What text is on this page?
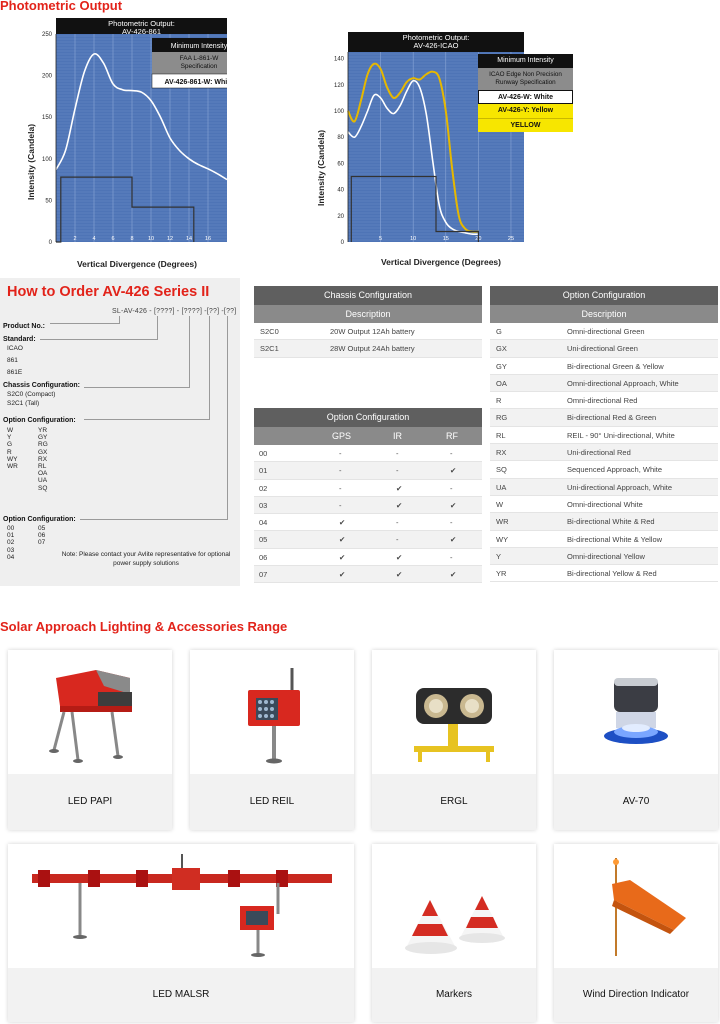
Photometric Output
Intensity (Candela)
Vertical Divergence (Degrees)
Photometric Output:
AV-426-861
0
50
100
150
200
250
2	4	6	8	10 12 14 16
Minimum Intensity
FAA L-861-W Specification
AV-426-861-W: White
Intensity (Candela)
Vertical Divergence (Degrees)
Photometric Output:
AV-426-ICAO
0
20
40
60
80
100
120
140
5	10	15	20	25
How to Order AV-426 Series II
SL-AV-426 - [????] - [????] -[??] -[??]
Product No.:
Standard:
ICAO
861
861E
Chassis Configuration:
S2C0 (Compact)
S2C1 (Tall)
Option Configuration:
W
Y
G
R
WY
WR
YR
GY
RG
GX
RX
RL
OA
UA
SQ
Option Configuration:
00
01
02
03
04
05
06
07
Note: Please contact your Avlite representative for optional power supply solutions
Chassis Configuration
Description
S2C0	20W Output 12Ah battery
S2C1	28W Output 24Ah battery
Option Configuration
GPS	IR	RF
00	-	-	-
01	-	-	✔
02	-	✔	-
03	-	✔	✔
04	✔	-	-
05	✔	-	✔
06	✔	✔	-
07	✔	✔	✔
Option Configuration
Description
G	Omni-directional Green
GX	Uni-directional Green
GY	Bi-directional Green & Yellow
OA	Omni-directional Approach, White
R	Omni-directional Red
RG	Bi-directional Red & Green
RL	REIL - 90° Uni-directional, White
RX	Uni-directional Red
SQ	Sequenced Approach, White
UA	Uni-directional Approach, White
W	Omni-directional White
WR	Bi-directional White & Red
WY	Bi-directional White & Yellow
Y	Omni-directional Yellow
YR	Bi-directional Yellow & Red
Solar Approach Lighting & Accessories Range
LED PAPI	LED REIL	ERGL	AV-70
LED MALSR	Markers	Wind Direction Indicator
Minimum Intensity
ICAO Edge Non Precision Runway Specification
AV-426-W: White
AV-426-Y: Yellow
YELLOW
